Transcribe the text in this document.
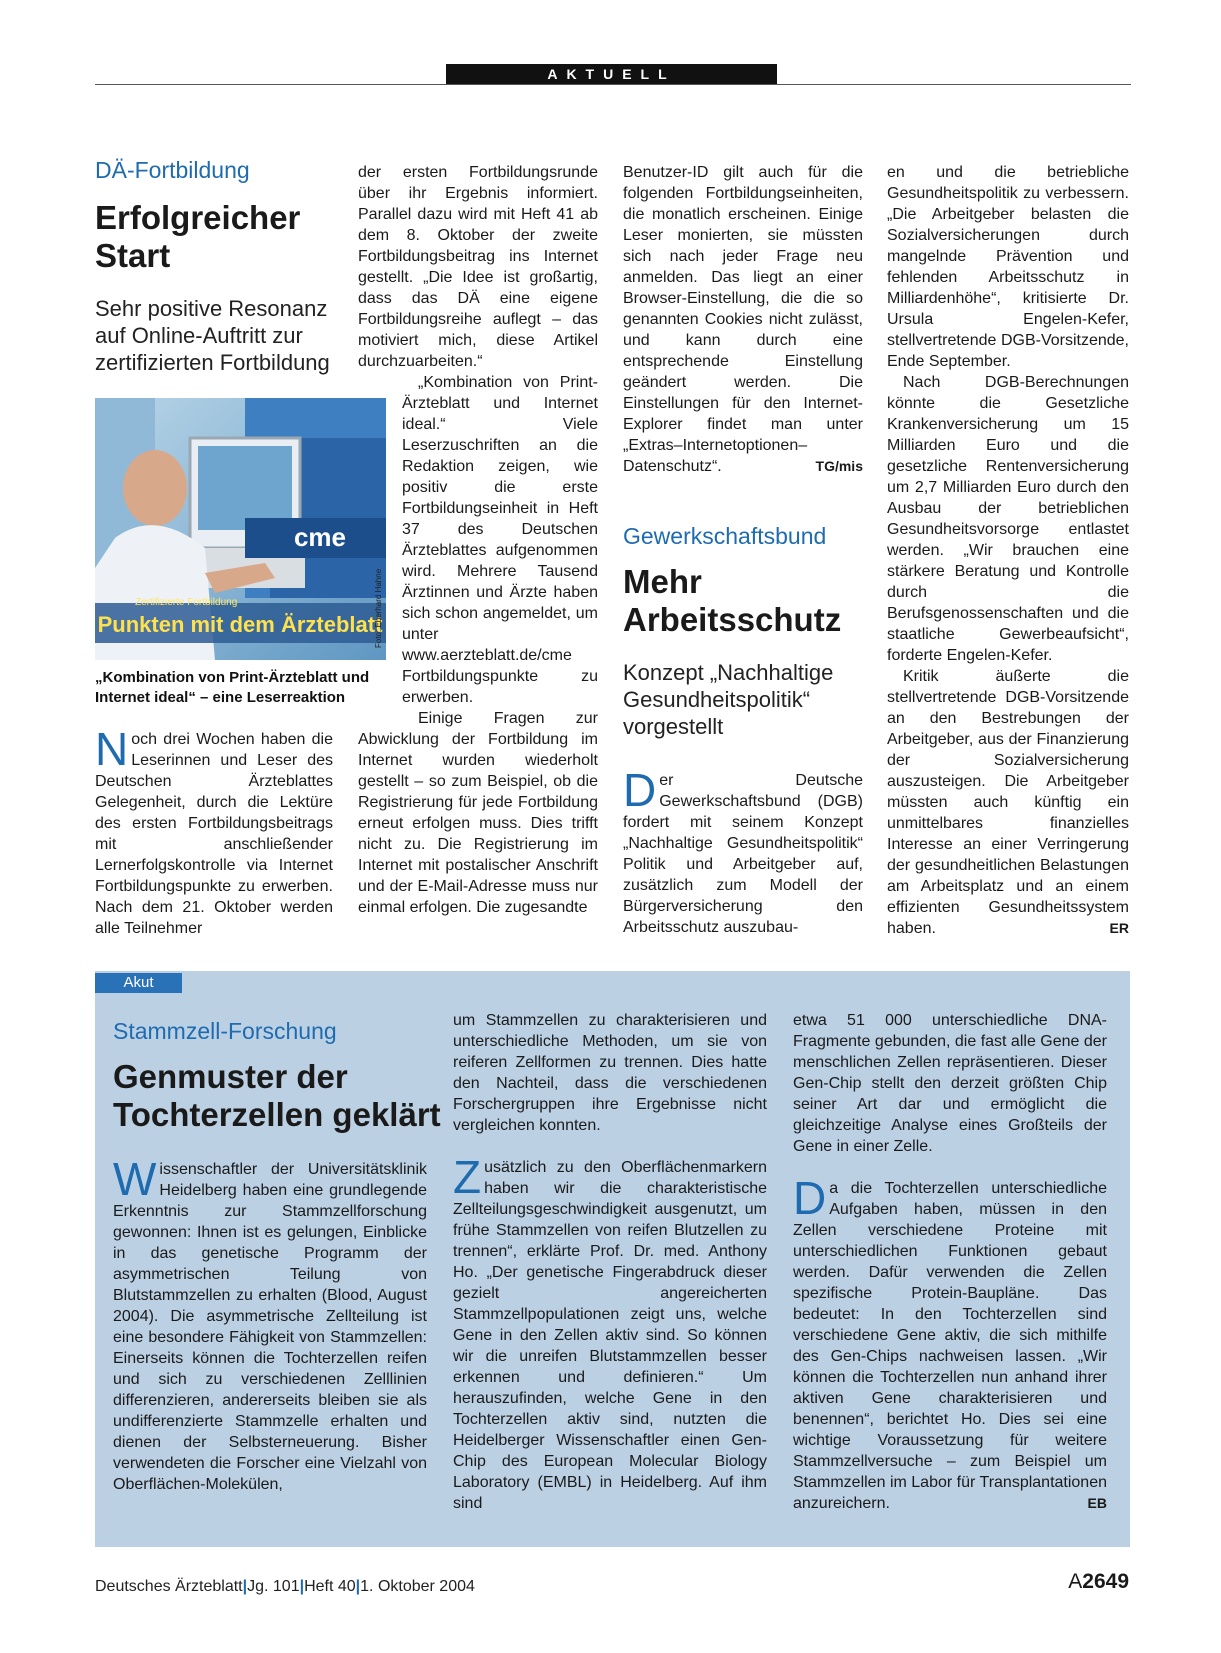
AKTUELL
DÄ-Fortbildung
Erfolgreicher
Start
Sehr positive Resonanz auf Online-Auftritt zur zertifizierten Fortbildung
cme
Zertifizierte Fortbildung
Punkten mit dem Ärzteblatt
Foto: Eberhard Hahne
„Kombination von Print-Ärzteblatt und Internet ideal“ – eine Leserreaktion

Noch drei Wochen haben die Leserinnen und Leser des Deutschen Ärzteblattes Gelegenheit, durch die Lektüre des ersten Fortbildungsbeitrags mit anschließender Lernerfolgskontrolle via Internet Fortbildungspunkte zu erwerben. Nach dem 21. Oktober werden alle Teilnehmer

der ersten Fortbildungsrunde über ihr Ergebnis informiert. Parallel dazu wird mit Heft 41 ab dem 8. Oktober der zweite Fortbildungsbeitrag ins Internet gestellt. „Die Idee ist großartig, dass das DÄ eine eigene Fortbildungsreihe auflegt – das motiviert mich, diese Artikel durchzuarbeiten.“

„Kombination von Print-Ärzteblatt und Internet ideal.“ Viele Leserzuschriften an die Redaktion zeigen, wie positiv die erste Fortbildungseinheit in Heft 37 des Deutschen Ärzteblattes aufgenommen wird. Mehrere Tausend Ärztinnen und Ärzte haben sich schon angemeldet, um unter www.aerzteblatt.de/cme Fortbildungspunkte zu erwerben.

Einige Fragen zur Abwicklung der Fortbildung im Internet wurden wiederholt gestellt – so zum Beispiel, ob die Registrierung für jede Fortbildung erneut erfolgen muss. Dies trifft nicht zu. Die Registrierung im Internet mit postalischer Anschrift und der E-Mail-Adresse muss nur einmal erfolgen. Die zugesandte

Benutzer-ID gilt auch für die folgenden Fortbildungseinheiten, die monatlich erscheinen. Einige Leser monierten, sie müssten sich nach jeder Frage neu anmelden. Das liegt an einer Browser-Einstellung, die die so genannten Cookies nicht zulässt, und kann durch eine entsprechende Einstellung geändert werden. Die Einstellungen für den Internet-Explorer findet man unter „Extras–Internetoptionen–Datenschutz“.	TG/mis

Gewerkschaftsbund
Mehr
Arbeitsschutz
Konzept „Nachhaltige Gesundheitspolitik“ vorgestellt

Der Deutsche Gewerkschaftsbund (DGB) fordert mit seinem Konzept „Nachhaltige Gesundheitspolitik“ Politik und Arbeitgeber auf, zusätzlich zum Modell der Bürgerversicherung den Arbeitsschutz auszubau-

en und die betriebliche Gesundheitspolitik zu verbessern. „Die Arbeitgeber belasten die Sozialversicherungen durch mangelnde Prävention und fehlenden Arbeitsschutz in Milliardenhöhe“, kritisierte Dr. Ursula Engelen-Kefer, stellvertretende DGB-Vorsitzende, Ende September.

Nach DGB-Berechnungen könnte die Gesetzliche Krankenversicherung um 15 Milliarden Euro und die gesetzliche Rentenversicherung um 2,7 Milliarden Euro durch den Ausbau der betrieblichen Gesundheitsvorsorge entlastet werden. „Wir brauchen eine stärkere Beratung und Kontrolle durch die Berufsgenossenschaften und die staatliche Gewerbeaufsicht“, forderte Engelen-Kefer.

Kritik äußerte die stellvertretende DGB-Vorsitzende an den Bestrebungen der Arbeitgeber, aus der Finanzierung der Sozialversicherung auszusteigen. Die Arbeitgeber müssten auch künftig ein unmittelbares finanzielles Interesse an einer Verringerung der gesundheitlichen Belastungen am Arbeitsplatz und an einem effizienten Gesundheitssystem haben.	ER

Akut
Stammzell-Forschung
Genmuster der
Tochterzellen geklärt

Wissenschaftler der Universitätsklinik Heidelberg haben eine grundlegende Erkenntnis zur Stammzellforschung gewonnen: Ihnen ist es gelungen, Einblicke in das genetische Programm der asymmetrischen Teilung von Blutstammzellen zu erhalten (Blood, August 2004). Die asymmetrische Zellteilung ist eine besondere Fähigkeit von Stammzellen: Einerseits können die Tochterzellen reifen und sich zu verschiedenen Zelllinien differenzieren, andererseits bleiben sie als undifferenzierte Stammzelle erhalten und dienen der Selbsterneuerung. Bisher verwendeten die Forscher eine Vielzahl von Oberflächen-Molekülen,

um Stammzellen zu charakterisieren und unterschiedliche Methoden, um sie von reiferen Zellformen zu trennen. Dies hatte den Nachteil, dass die verschiedenen Forschergruppen ihre Ergebnisse nicht vergleichen konnten.

Zusätzlich zu den Oberflächenmarkern haben wir die charakteristische Zellteilungsgeschwindigkeit ausgenutzt, um frühe Stammzellen von reifen Blutzellen zu trennen“, erklärte Prof. Dr. med. Anthony Ho. „Der genetische Fingerabdruck dieser gezielt angereicherten Stammzellpopulationen zeigt uns, welche Gene in den Zellen aktiv sind. So können wir die unreifen Blutstammzellen besser erkennen und definieren.“ Um herauszufinden, welche Gene in den Tochterzellen aktiv sind, nutzten die Heidelberger Wissenschaftler einen Gen-Chip des European Molecular Biology Laboratory (EMBL) in Heidelberg. Auf ihm sind

etwa 51 000 unterschiedliche DNA-Fragmente gebunden, die fast alle Gene der menschlichen Zellen repräsentieren. Dieser Gen-Chip stellt den derzeit größten Chip seiner Art dar und ermöglicht die gleichzeitige Analyse eines Großteils der Gene in einer Zelle.

Da die Tochterzellen unterschiedliche Aufgaben haben, müssen in den Zellen verschiedene Proteine mit unterschiedlichen Funktionen gebaut werden. Dafür verwenden die Zellen spezifische Protein-Baupläne. Das bedeutet: In den Tochterzellen sind verschiedene Gene aktiv, die sich mithilfe des Gen-Chips nachweisen lassen. „Wir können die Tochterzellen nun anhand ihrer aktiven Gene charakterisieren und benennen“, berichtet Ho. Dies sei eine wichtige Voraussetzung für weitere Stammzellversuche – zum Beispiel um Stammzellen im Labor für Transplantationen anzureichern.	EB

Deutsches Ärzteblatt|Jg. 101|Heft 40|1. Oktober 2004	A2649
